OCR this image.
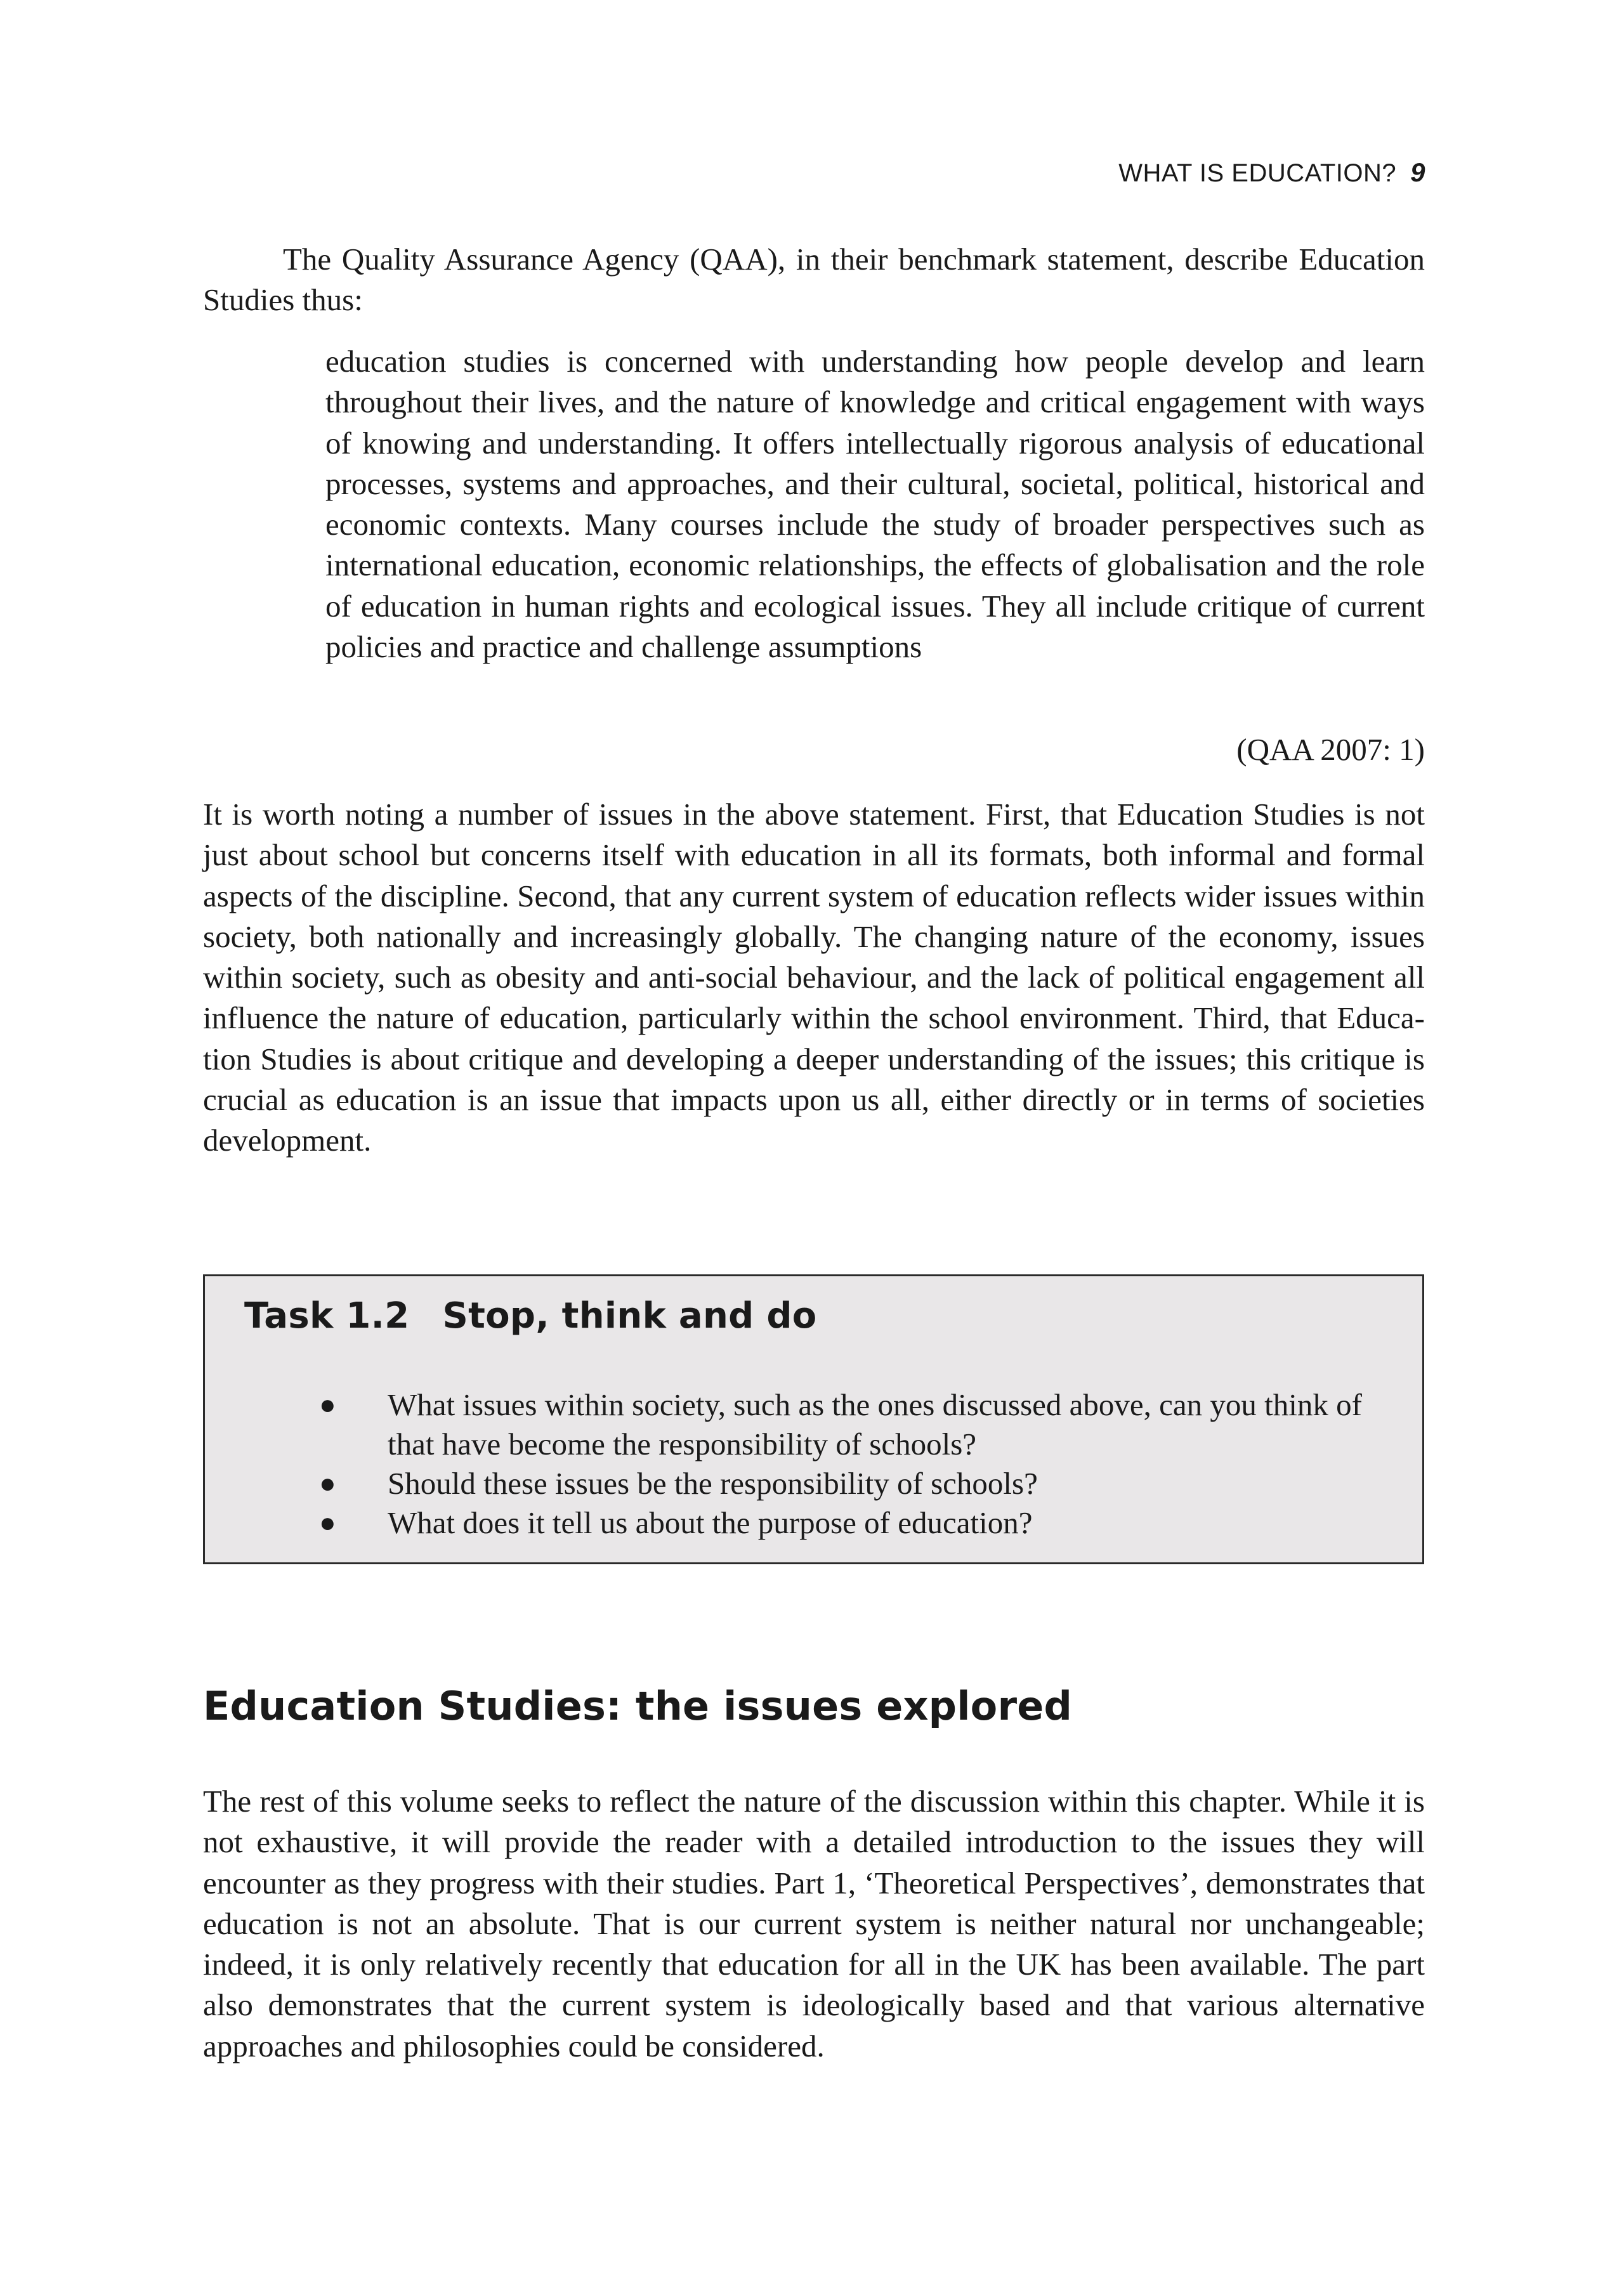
WHAT IS EDUCATION? 9

The Quality Assurance Agency (QAA), in their benchmark statement, describe Education Studies thus:

education studies is concerned with understanding how people develop and learn throughout their lives, and the nature of knowledge and critical engagement with ways of knowing and understanding. It offers intellectually rigorous analysis of educational processes, systems and approaches, and their cultural, societal, political, historical and economic contexts. Many courses include the study of broader perspectives such as international education, economic relationships, the effects of globalisation and the role of education in human rights and ecological issues. They all include critique of current policies and practice and challenge assumptions

(QAA 2007: 1)

It is worth noting a number of issues in the above statement. First, that Education Studies is not just about school but concerns itself with education in all its formats, both informal and formal aspects of the discipline. Second, that any current system of education reflects wider issues within society, both nationally and increasingly globally. The changing nature of the economy, issues within society, such as obesity and anti-social behaviour, and the lack of political engagement all influence the nature of education, particularly within the school environment. Third, that Education Studies is about critique and developing a deeper understanding of the issues; this critique is crucial as education is an issue that impacts upon us all, either directly or in terms of societies development.

Task 1.2 Stop, think and do
● What issues within society, such as the ones discussed above, can you think of that have become the responsibility of schools?
● Should these issues be the responsibility of schools?
● What does it tell us about the purpose of education?
Education Studies: the issues explored

The rest of this volume seeks to reflect the nature of the discussion within this chapter. While it is not exhaustive, it will provide the reader with a detailed introduction to the issues they will encounter as they progress with their studies. Part 1, ‘Theoretical Perspectives’, demonstrates that education is not an absolute. That is our current system is neither natural nor unchangeable; indeed, it is only relatively recently that education for all in the UK has been available. The part also demonstrates that the current system is ideologically based and that various alternative approaches and philosophies could be considered.
